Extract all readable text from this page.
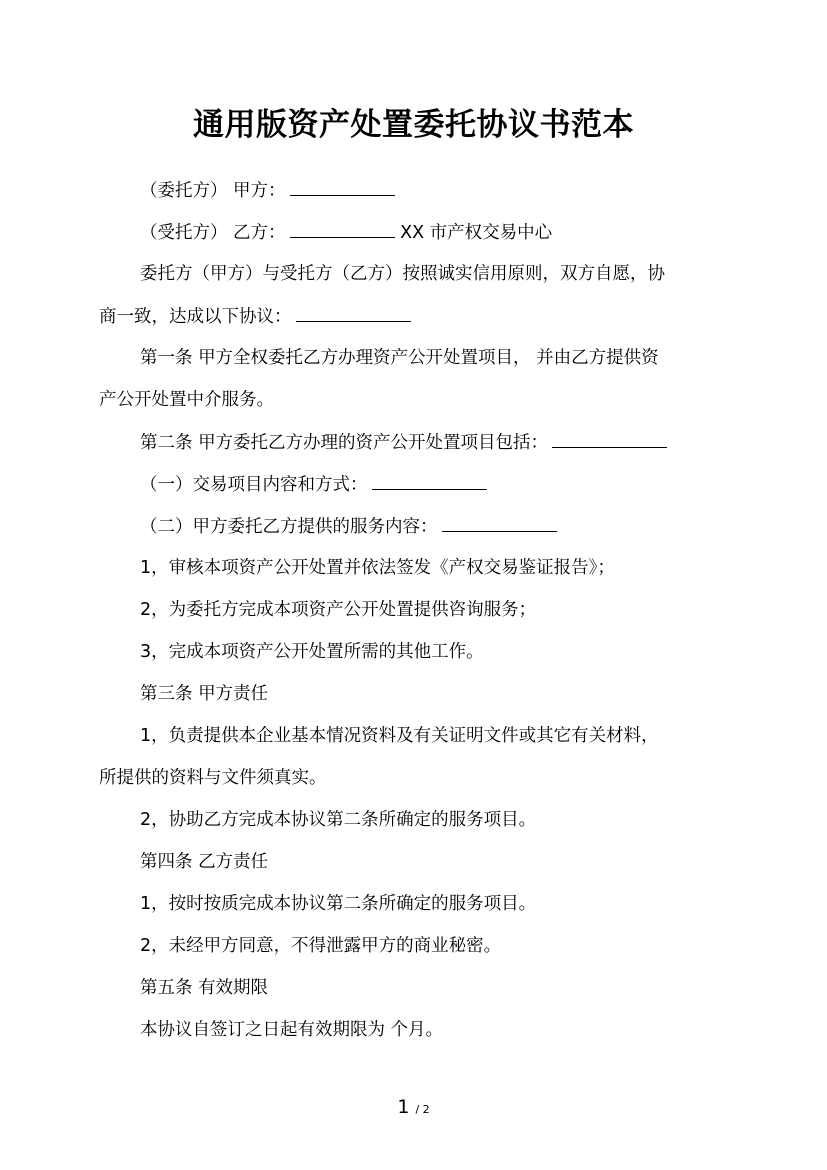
通用版资产处置委托协议书范本
（委托方） 甲方：
（受托方） 乙方：	XX 市产权交易中心
委托方（甲方）与受托方（乙方）按照诚实信用原则，双方自愿，协
商一致，达成以下协议：
第一条 甲方全权委托乙方办理资产公开处置项目， 并由乙方提供资
产公开处置中介服务。
第二条 甲方委托乙方办理的资产公开处置项目包括：
（一）交易项目内容和方式：
（二）甲方委托乙方提供的服务内容：
1，审核本项资产公开处置并依法签发《产权交易鉴证报告》；
2，为委托方完成本项资产公开处置提供咨询服务；
3，完成本项资产公开处置所需的其他工作。
第三条 甲方责任
1，负责提供本企业基本情况资料及有关证明文件或其它有关材料，
所提供的资料与文件须真实。
2，协助乙方完成本协议第二条所确定的服务项目。
第四条 乙方责任
1，按时按质完成本协议第二条所确定的服务项目。
2，未经甲方同意，不得泄露甲方的商业秘密。
第五条 有效期限
本协议自签订之日起有效期限为 个月。
1 / 2
